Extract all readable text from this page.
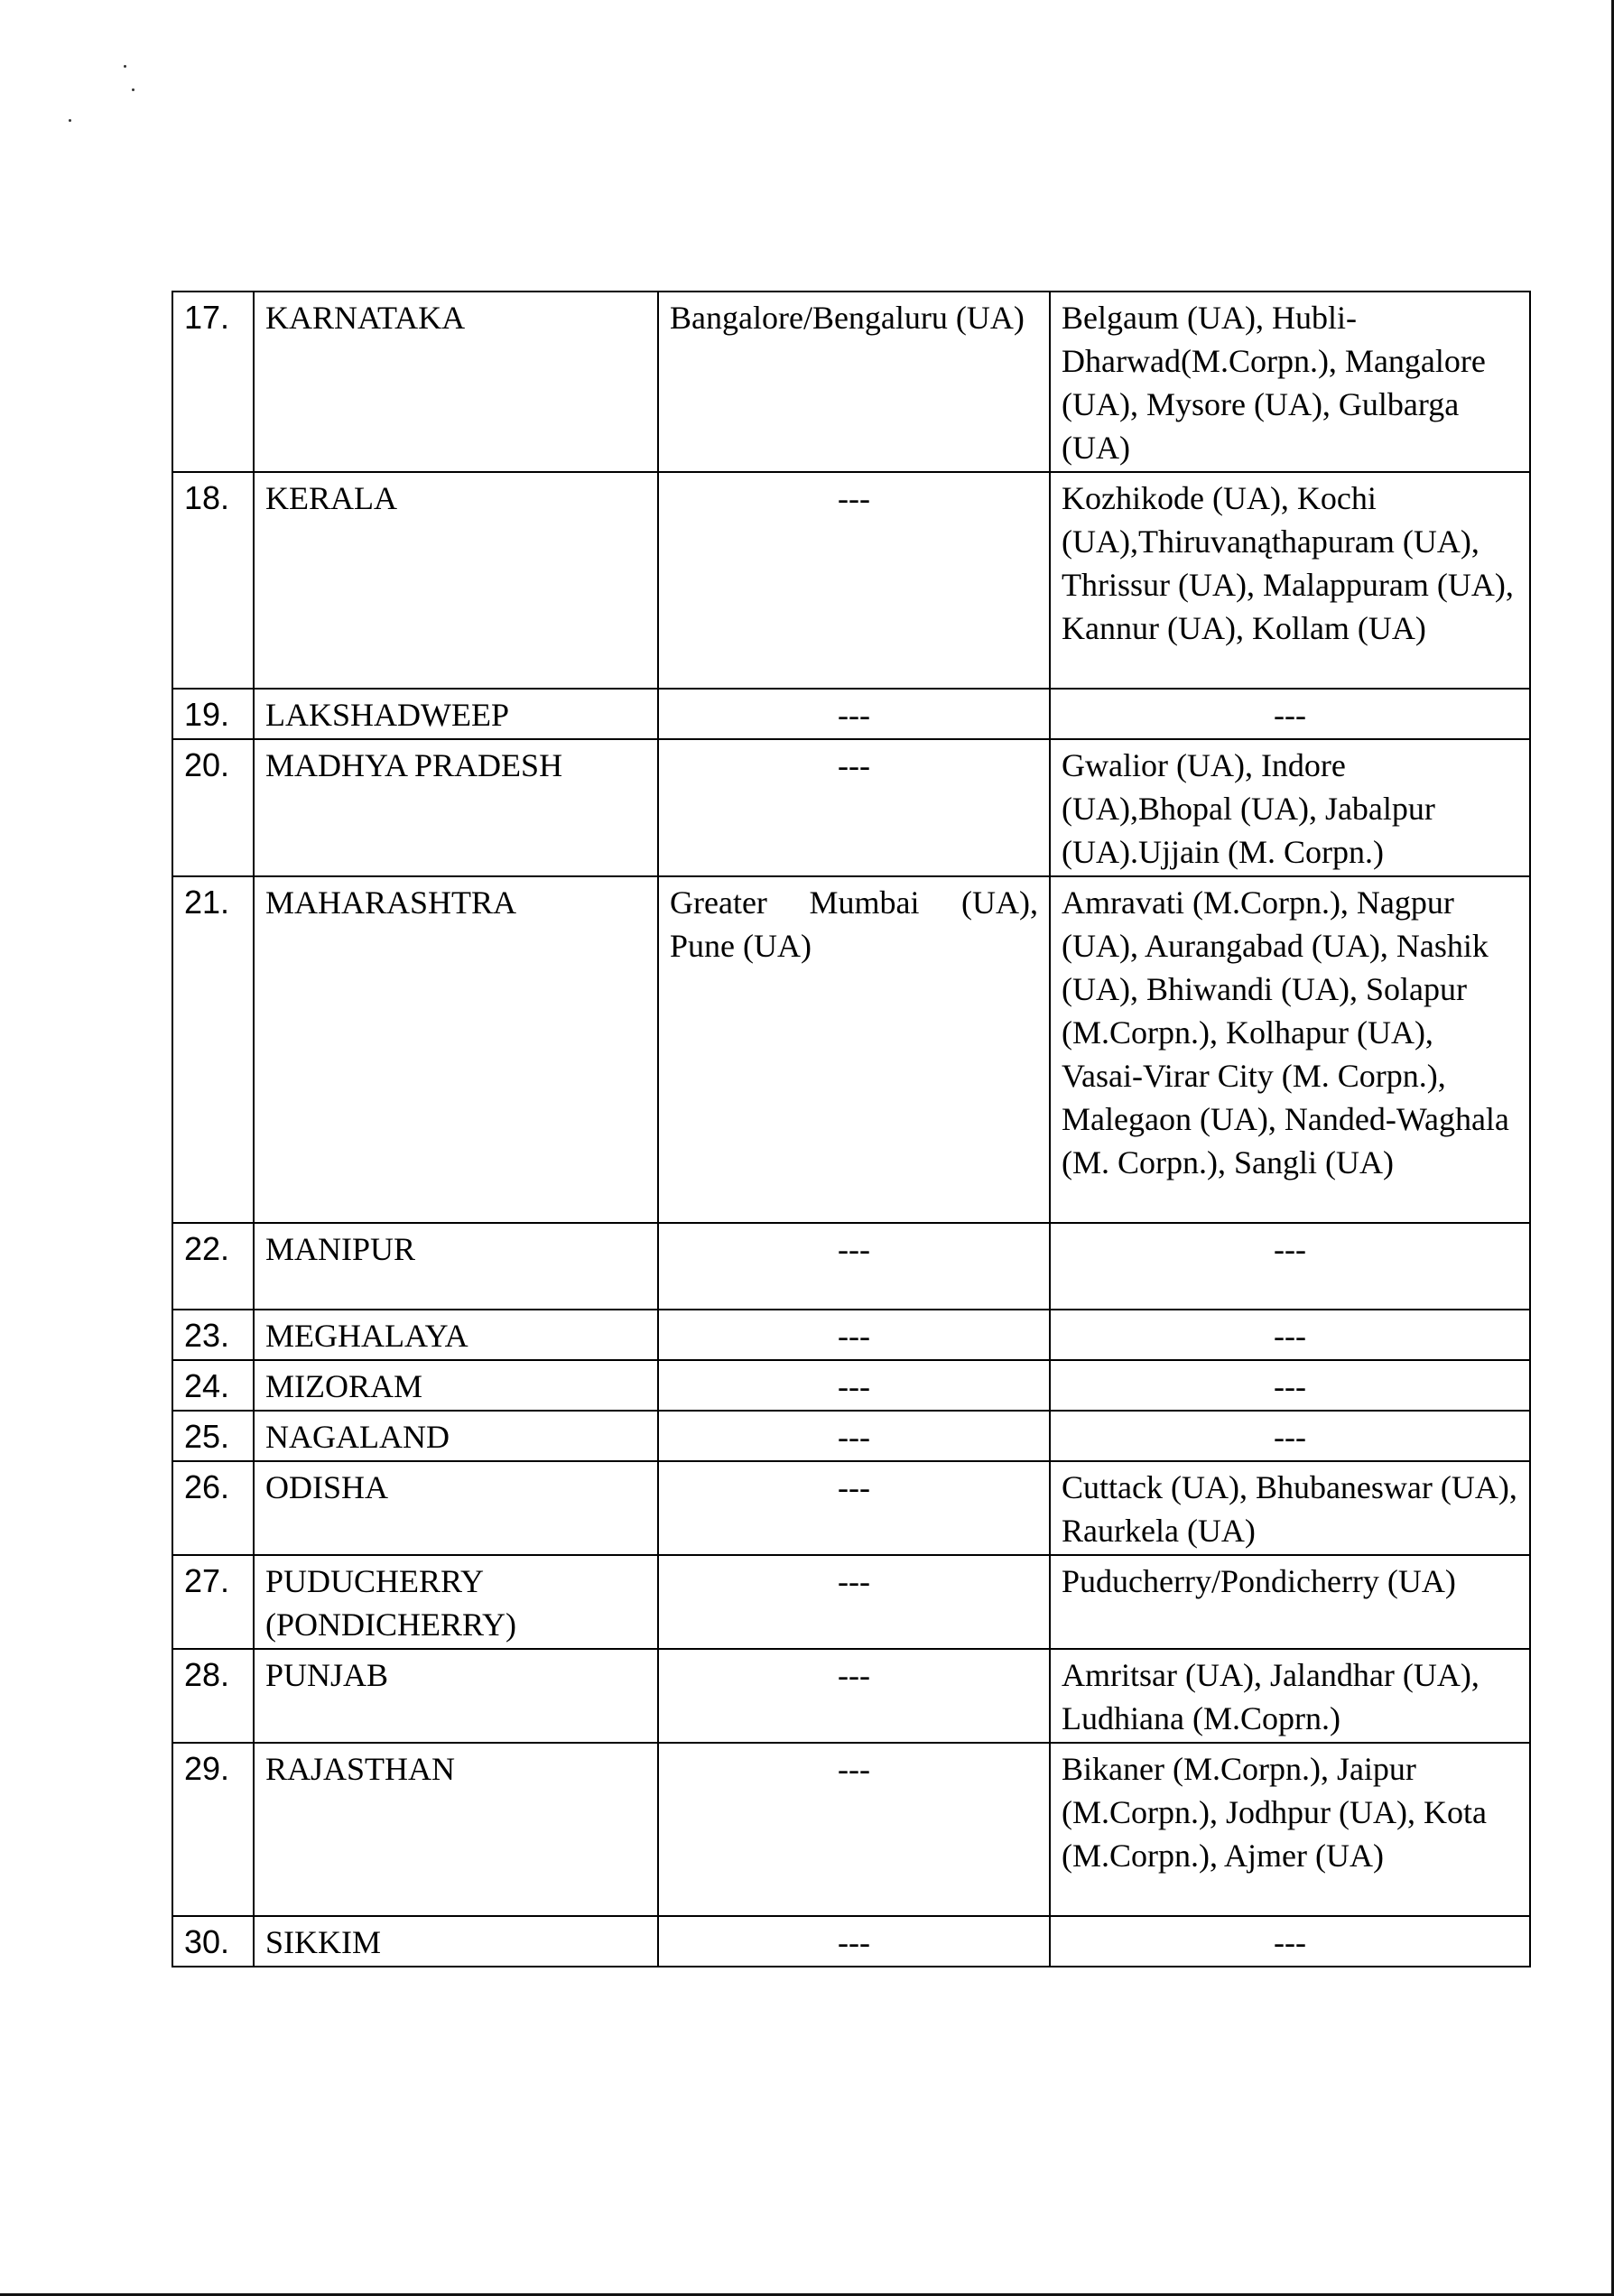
17.	KARNATAKA	Bangalore/Bengaluru (UA)	Belgaum (UA), Hubli-Dharwad(M.Corpn.), Mangalore (UA), Mysore (UA), Gulbarga (UA)
18.	KERALA	---	Kozhikode (UA), Kochi (UA),Thiruvanąthapuram (UA), Thrissur (UA), Malappuram (UA), Kannur (UA), Kollam (UA)
19.	LAKSHADWEEP	---	---
20.	MADHYA PRADESH	---	Gwalior (UA), Indore (UA),Bhopal (UA), Jabalpur (UA).Ujjain (M. Corpn.)
21.	MAHARASHTRA	Greater Mumbai (UA), Pune (UA)	Amravati (M.Corpn.), Nagpur (UA), Aurangabad (UA), Nashik (UA), Bhiwandi (UA), Solapur (M.Corpn.), Kolhapur (UA), Vasai-Virar City (M. Corpn.), Malegaon (UA), Nanded-Waghala (M. Corpn.), Sangli (UA)
22.	MANIPUR	---	---
23.	MEGHALAYA	---	---
24.	MIZORAM	---	---
25.	NAGALAND	---	---
26.	ODISHA	---	Cuttack (UA), Bhubaneswar (UA), Raurkela (UA)
27.	PUDUCHERRY (PONDICHERRY)	---	Puducherry/Pondicherry (UA)
28.	PUNJAB	---	Amritsar (UA), Jalandhar (UA), Ludhiana (M.Coprn.)
29.	RAJASTHAN	---	Bikaner (M.Corpn.), Jaipur (M.Corpn.), Jodhpur (UA), Kota (M.Corpn.), Ajmer (UA)
30.	SIKKIM	---	---
